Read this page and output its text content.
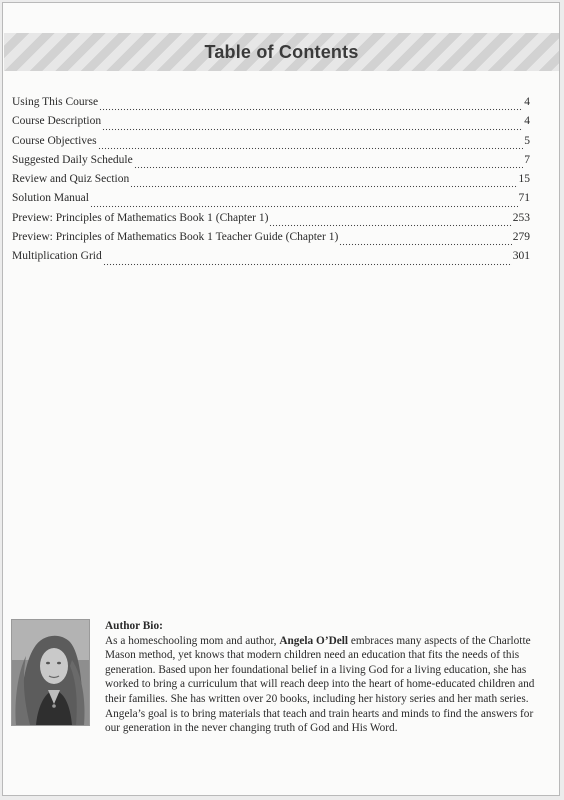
Table of Contents
Using This Course	4
Course Description	4
Course Objectives	5
Suggested Daily Schedule	7
Review and Quiz Section	15
Solution Manual	71
Preview: Principles of Mathematics Book 1 (Chapter 1)	253
Preview: Principles of Mathematics Book 1 Teacher Guide (Chapter 1)	279
Multiplication Grid	301
Author Bio:
As a homeschooling mom and author, Angela O’Dell embraces many aspects of the Charlotte Mason method, yet knows that modern children need an education that fits the needs of this generation. Based upon her foundational belief in a living God for a living education, she has worked to bring a curriculum that will reach deep into the heart of home-educated children and their families. She has written over 20 books, including her history series and her math series. Angela’s goal is to bring materials that teach and train hearts and minds to find the answers for our generation in the never changing truth of God and His Word.
